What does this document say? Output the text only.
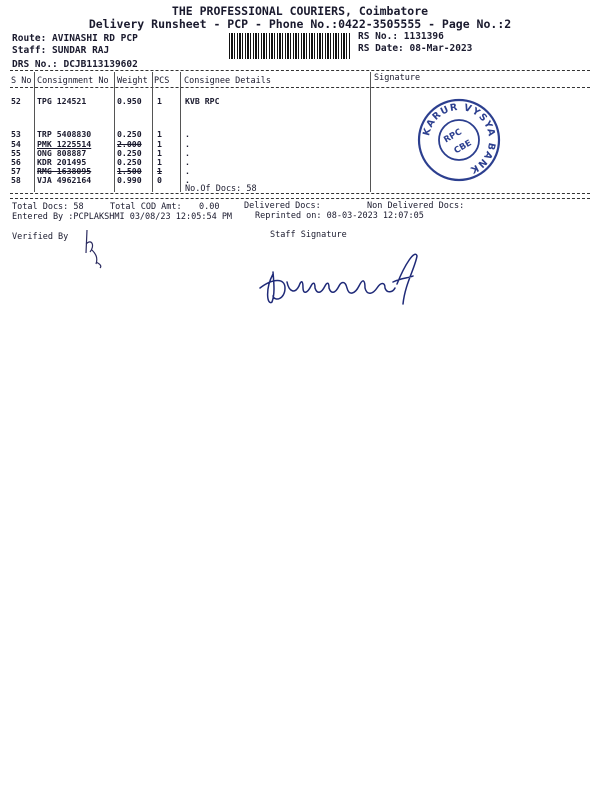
THE PROFESSIONAL COURIERS, Coimbatore
Delivery Runsheet - PCP - Phone No.:0422-3505555 - Page No.:2
Route: AVINASHI RD PCP
Staff: SUNDAR RAJ
DRS No.: DCJB113139602
RS No.: 1131396
RS Date: 08-Mar-2023
S No Consignment No Weight PCS Consignee Details	Signature
52 TPG 124521	0.950 1	KVB RPC
53 TRP 5408830	0.250 1	.
54 PMK 1225514	2.000 1	.
55 ONG 808887	0.250 1	.
56 KDR 201495	0.250 1	.
57 RMG 1638095	1.500 1	.
58 VJA 4962164	0.990 0	.
No.Of Docs: 58
KARUR VYSYA BANK
RPC
CBE
Total Docs: 58	Total COD Amt: 0.00	Delivered Docs:	Non Delivered Docs:
Entered By :PCPLAKSHMI 03/08/23 12:05:54 PM	Reprinted on: 08-03-2023 12:07:05
Verified By	Staff Signature
